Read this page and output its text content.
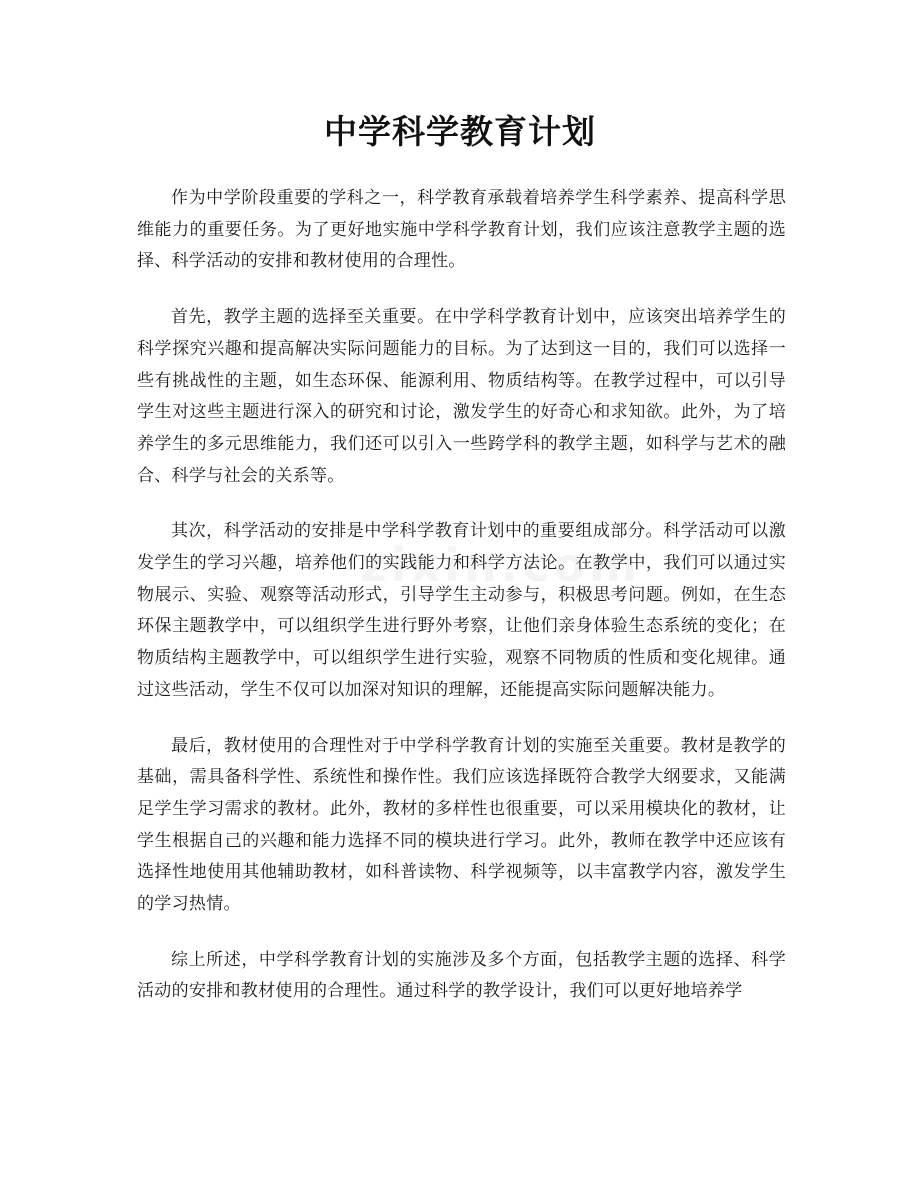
中学科学教育计划

作为中学阶段重要的学科之一，科学教育承载着培养学生科学素养、提高科学思维能力的重要任务。为了更好地实施中学科学教育计划，我们应该注意教学主题的选择、科学活动的安排和教材使用的合理性。

首先，教学主题的选择至关重要。在中学科学教育计划中，应该突出培养学生的科学探究兴趣和提高解决实际问题能力的目标。为了达到这一目的，我们可以选择一些有挑战性的主题，如生态环保、能源利用、物质结构等。在教学过程中，可以引导学生对这些主题进行深入的研究和讨论，激发学生的好奇心和求知欲。此外，为了培养学生的多元思维能力，我们还可以引入一些跨学科的教学主题，如科学与艺术的融合、科学与社会的关系等。

其次，科学活动的安排是中学科学教育计划中的重要组成部分。科学活动可以激发学生的学习兴趣，培养他们的实践能力和科学方法论。在教学中，我们可以通过实物展示、实验、观察等活动形式，引导学生主动参与，积极思考问题。例如，在生态环保主题教学中，可以组织学生进行野外考察，让他们亲身体验生态系统的变化；在物质结构主题教学中，可以组织学生进行实验，观察不同物质的性质和变化规律。通过这些活动，学生不仅可以加深对知识的理解，还能提高实际问题解决能力。

最后，教材使用的合理性对于中学科学教育计划的实施至关重要。教材是教学的基础，需具备科学性、系统性和操作性。我们应该选择既符合教学大纲要求，又能满足学生学习需求的教材。此外，教材的多样性也很重要，可以采用模块化的教材，让学生根据自己的兴趣和能力选择不同的模块进行学习。此外，教师在教学中还应该有选择性地使用其他辅助教材，如科普读物、科学视频等，以丰富教学内容，激发学生的学习热情。

综上所述，中学科学教育计划的实施涉及多个方面，包括教学主题的选择、科学活动的安排和教材使用的合理性。通过科学的教学设计，我们可以更好地培养学
